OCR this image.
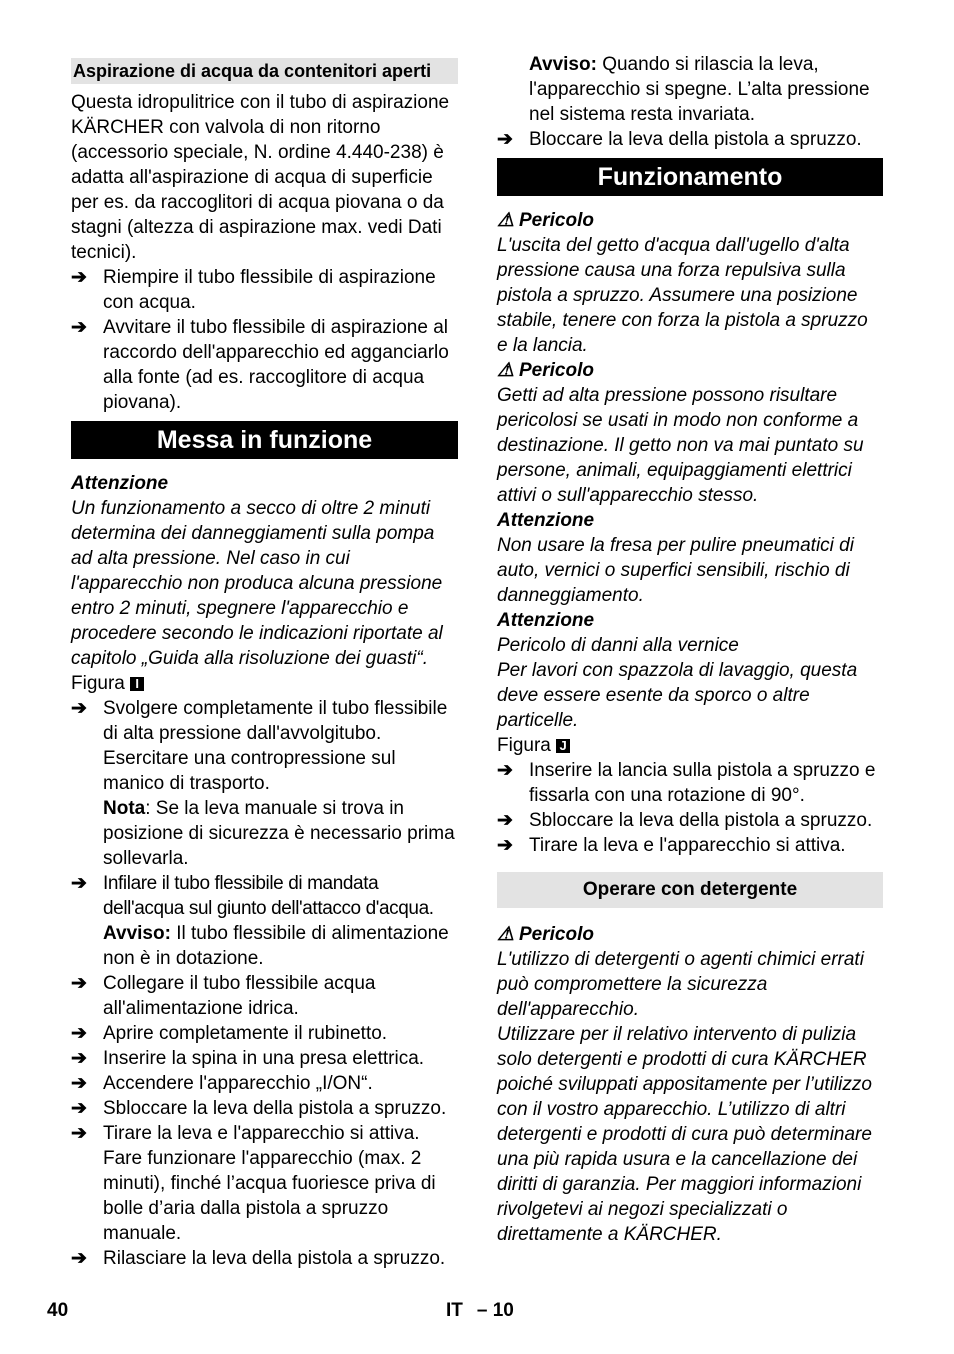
Aspirazione di acqua da contenitori aperti

Questa idropulitrice con il tubo di aspirazione KÄRCHER con valvola di non ritorno (accessorio speciale, N. ordine 4.440-238) è adatta all'aspirazione di acqua di superficie per es. da raccoglitori di acqua piovana o da stagni (altezza di aspirazione max. vedi Dati tecnici).

➔ Riempire il tubo flessibile di aspirazione con acqua.
➔ Avvitare il tubo flessibile di aspirazione al raccordo dell'apparecchio ed agganciarlo alla fonte (ad es. raccoglitore di acqua piovana).
Messa in funzione

Attenzione

Un funzionamento a secco di oltre 2 minuti determina dei danneggiamenti sulla pompa ad alta pressione. Nel caso in cui l'apparecchio non produca alcuna pressione entro 2 minuti, spegnere l'apparecchio e procedere secondo le indicazioni riportate al capitolo „Guida alla risoluzione dei guasti“.

Figura I

➔ Svolgere completamente il tubo flessibile di alta pressione dall'avvolgitubo. Esercitare una contropressione sul manico di trasporto.
Nota: Se la leva manuale si trova in posizione di sicurezza è necessario prima sollevarla.
➔ Infilare il tubo flessibile di mandata dell'acqua sul giunto dell'attacco d'acqua.
Avviso: Il tubo flessibile di alimentazione non è in dotazione.
➔ Collegare il tubo flessibile acqua all'alimentazione idrica.
➔ Aprire completamente il rubinetto.
➔ Inserire la spina in una presa elettrica.
➔ Accendere l'apparecchio „I/ON“.
➔ Sbloccare la leva della pistola a spruzzo.
➔ Tirare la leva e l'apparecchio si attiva. Fare funzionare l'apparecchio (max. 2 minuti), finché l’acqua fuoriesce priva di bolle d’aria dalla pistola a spruzzo manuale.
➔ Rilasciare la leva della pistola a spruzzo.

Avviso: Quando si rilascia la leva, l'apparecchio si spegne. L’alta pressione nel sistema resta invariata.

➔ Bloccare la leva della pistola a spruzzo.
Funzionamento

⚠ Pericolo

L'uscita del getto d'acqua dall'ugello d'alta pressione causa una forza repulsiva sulla pistola a spruzzo. Assumere una posizione stabile, tenere con forza la pistola a spruzzo e la lancia.

⚠ Pericolo

Getti ad alta pressione possono risultare pericolosi se usati in modo non conforme a destinazione. Il getto non va mai puntato su persone, animali, equipaggiamenti elettrici attivi o sull'apparecchio stesso.

Attenzione

Non usare la fresa per pulire pneumatici di auto, vernici o superfici sensibili, rischio di danneggiamento.

Attenzione

Pericolo di danni alla vernice

Per lavori con spazzola di lavaggio, questa deve essere esente da sporco o altre particelle.

Figura J

➔ Inserire la lancia sulla pistola a spruzzo e fissarla con una rotazione di 90°.
➔ Sbloccare la leva della pistola a spruzzo.
➔ Tirare la leva e l'apparecchio si attiva.
Operare con detergente

⚠ Pericolo

L'utilizzo di detergenti o agenti chimici errati può compromettere la sicurezza dell'apparecchio.

Utilizzare per il relativo intervento di pulizia solo detergenti e prodotti di cura KÄRCHER poiché sviluppati appositamente per l’utilizzo con il vostro apparecchio. L’utilizzo di altri detergenti e prodotti di cura può determinare una più rapida usura e la cancellazione dei diritti di garanzia. Per maggiori informazioni rivolgetevi ai negozi specializzati o direttamente a KÄRCHER.

40	IT – 10
